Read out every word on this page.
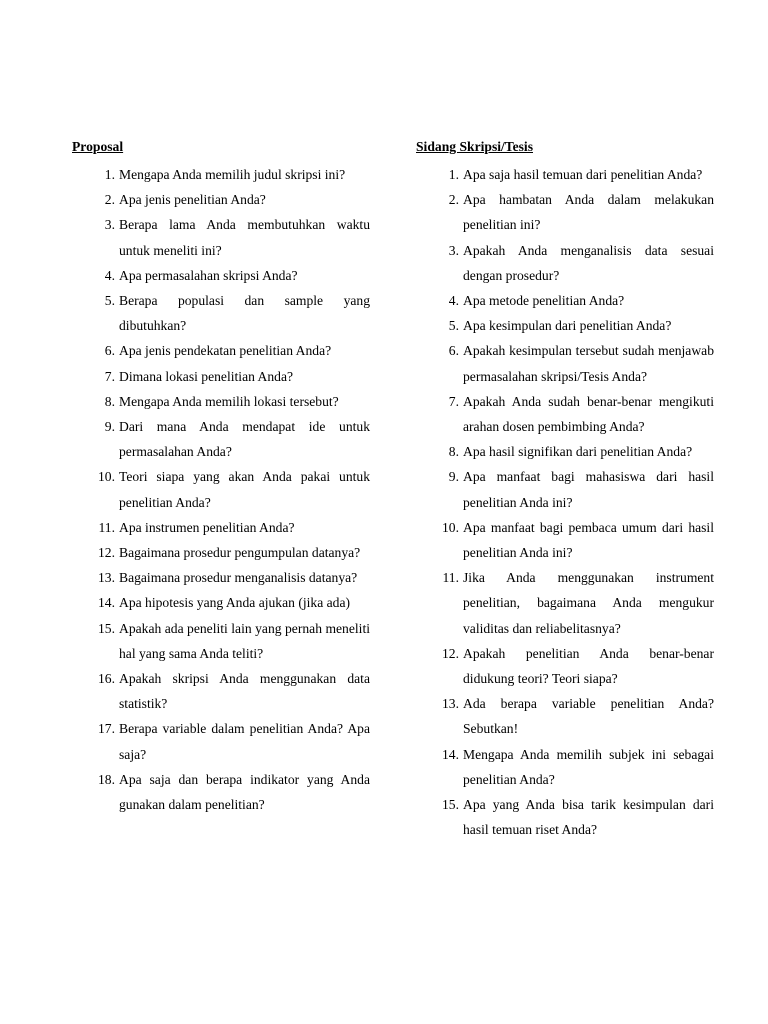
Proposal
1. Mengapa Anda memilih judul skripsi ini?
2. Apa jenis penelitian Anda?
3. Berapa lama Anda membutuhkan waktu untuk meneliti ini?
4. Apa permasalahan skripsi Anda?
5. Berapa populasi dan sample yang dibutuhkan?
6. Apa jenis pendekatan penelitian Anda?
7. Dimana lokasi penelitian Anda?
8. Mengapa Anda memilih lokasi tersebut?
9. Dari mana Anda mendapat ide untuk permasalahan Anda?
10. Teori siapa yang akan Anda pakai untuk penelitian Anda?
11. Apa instrumen penelitian Anda?
12. Bagaimana prosedur pengumpulan datanya?
13. Bagaimana prosedur menganalisis datanya?
14. Apa hipotesis yang Anda ajukan (jika ada)
15. Apakah ada peneliti lain yang pernah meneliti hal yang sama Anda teliti?
16. Apakah skripsi Anda menggunakan data statistik?
17. Berapa variable dalam penelitian Anda? Apa saja?
18. Apa saja dan berapa indikator yang Anda gunakan dalam penelitian?
Sidang Skripsi/Tesis
1. Apa saja hasil temuan dari penelitian Anda?
2. Apa hambatan Anda dalam melakukan penelitian ini?
3. Apakah Anda menganalisis data sesuai dengan prosedur?
4. Apa metode penelitian Anda?
5. Apa kesimpulan dari penelitian Anda?
6. Apakah kesimpulan tersebut sudah menjawab permasalahan skripsi/Tesis Anda?
7. Apakah Anda sudah benar-benar mengikuti arahan dosen pembimbing Anda?
8. Apa hasil signifikan dari penelitian Anda?
9. Apa manfaat bagi mahasiswa dari hasil penelitian Anda ini?
10. Apa manfaat bagi pembaca umum dari hasil penelitian Anda ini?
11. Jika Anda menggunakan instrument penelitian, bagaimana Anda mengukur validitas dan reliabelitasnya?
12. Apakah penelitian Anda benar-benar didukung teori? Teori siapa?
13. Ada berapa variable penelitian Anda? Sebutkan!
14. Mengapa Anda memilih subjek ini sebagai penelitian Anda?
15. Apa yang Anda bisa tarik kesimpulan dari hasil temuan riset Anda?
